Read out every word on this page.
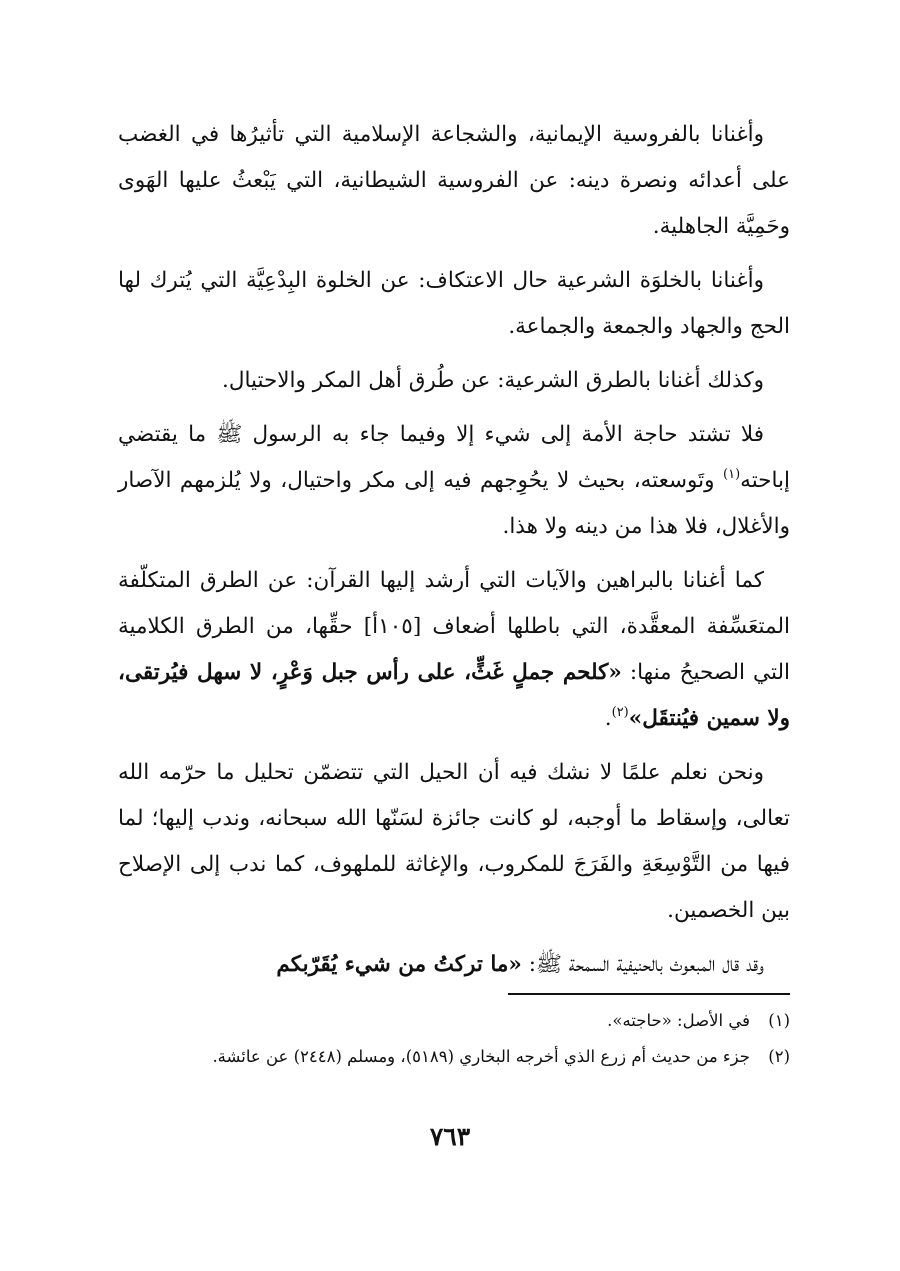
وأغنانا بالفروسية الإيمانية، والشجاعة الإسلامية التي تأثيرُها في الغضب على أعدائه ونصرة دينه: عن الفروسية الشيطانية، التي يَبْعثُ عليها الهَوى وحَمِيَّة الجاهلية.

وأغنانا بالخلوَة الشرعية حال الاعتكاف: عن الخلوة البِدْعِيَّة التي يُترك لها الحج والجهاد والجمعة والجماعة.

وكذلك أغنانا بالطرق الشرعية: عن طُرق أهل المكر والاحتيال.

فلا تشتد حاجة الأمة إلى شيء إلا وفيما جاء به الرسول ﷺ ما يقتضي إباحته$^{(١)}$ وتَوسعته، بحيث لا يحُوِجهم فيه إلى مكر واحتيال، ولا يُلزمهم الآصار والأغلال، فلا هذا من دينه ولا هذا.

كما أغنانا بالبراهين والآيات التي أرشد إليها القرآن: عن الطرق المتكلّفة المتعَسِّفة المعقَّدة، التي باطلها أضعاف [١٠٥أ] حقِّها، من الطرق الكلامية التي الصحيحُ منها: «كلحم جملٍ غَثٍّ، على رأس جبل وَعْرٍ، لا سهل فيُرتقى، ولا سمين فيُنتقَل»$^{(٢)}$.

ونحن نعلم علمًا لا نشك فيه أن الحيل التي تتضمّن تحليل ما حرّمه الله تعالى، وإسقاط ما أوجبه، لو كانت جائزة لسَنّها الله سبحانه، وندب إليها؛ لما فيها من التَّوْسِعَةِ والفَرَجَ للمكروب، والإغاثة للملهوف، كما ندب إلى الإصلاح بين الخصمين.

وقد قال المبعوث بالحنيفية السمحة ﷺ: «ما تركتُ من شيء يُقَرّبكم

(١)
في الأصل: «حاجته».

(٢)
جزء من حديث أم زرع الذي أخرجه البخاري (٥١٨٩)، ومسلم (٢٤٤٨) عن عائشة.

٧٦٣
